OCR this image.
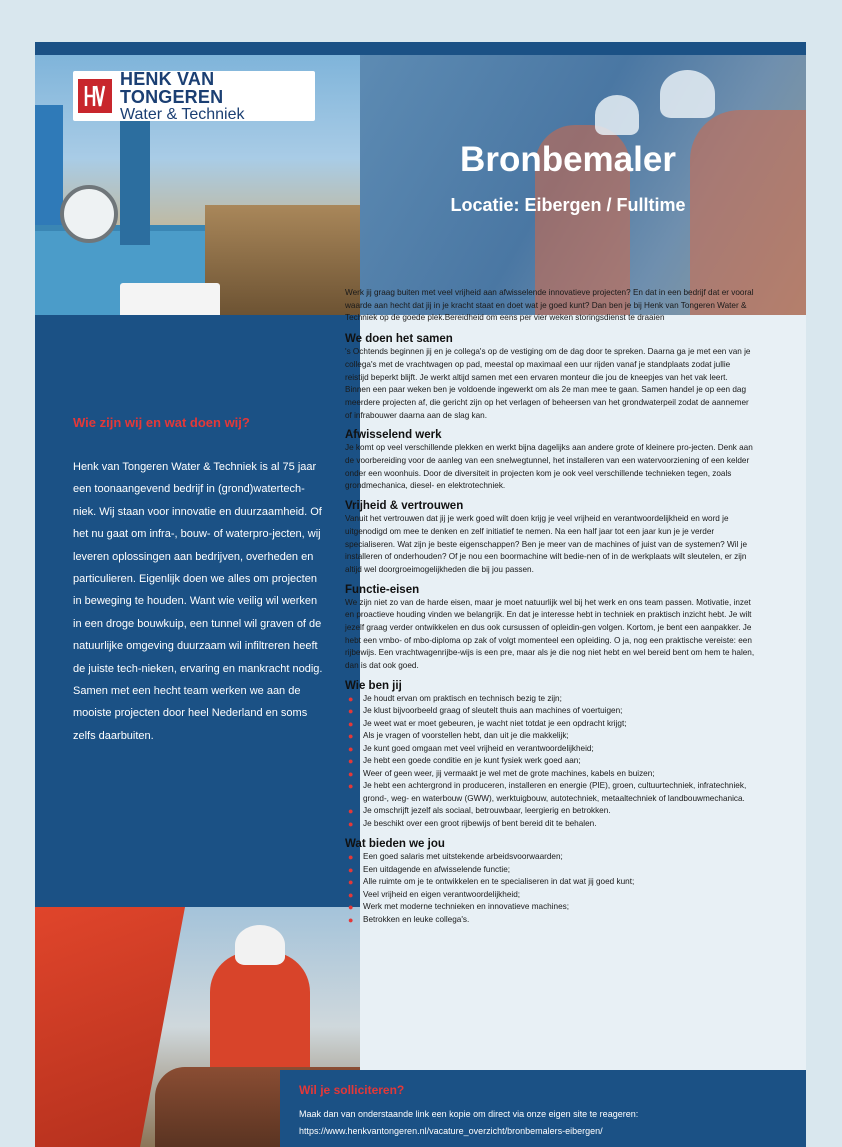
HENK VAN TONGEREN
Water & Techniek
Wie zijn wij en wat doen wij?
Henk van Tongeren Water & Techniek is al 75 jaar een toonaangevend bedrijf in (grond)watertech-niek. Wij staan voor innovatie en duurzaamheid. Of het nu gaat om infra-, bouw- of waterpro-jecten, wij leveren oplossingen aan bedrijven, overheden en particulieren. Eigenlijk doen we alles om projecten in beweging te houden. Want wie veilig wil werken in een droge bouwkuip, een tunnel wil graven of de natuurlijke omgeving duurzaam wil infiltreren heeft de juiste tech-nieken, ervaring en mankracht nodig. Samen met een hecht team werken we aan de mooiste projecten door heel Nederland en soms zelfs daarbuiten.
Wil je solliciteren?
Maak dan van onderstaande link een kopie om direct via onze eigen site te reageren:
https://www.henkvantongeren.nl/vacature_overzicht/bronbemalers-eibergen/
Bronbemaler
Locatie: Eibergen / Fulltime

Werk jij graag buiten met veel vrijheid aan afwisselende innovatieve projecten? En dat in een bedrijf dat er vooral waarde aan hecht dat jij in je kracht staat en doet wat je goed kunt? Dan ben je bij Henk van Tongeren Water & Techniek op de goede plek.Bereidheid om eens per vier weken storingsdienst te draaien

We doen het samen

's Ochtends beginnen jij en je collega's op de vestiging om de dag door te spreken. Daarna ga je met een van je collega's met de vrachtwagen op pad, meestal op maximaal een uur rijden vanaf je standplaats zodat jullie reistijd beperkt blijft. Je werkt altijd samen met een ervaren monteur die jou de kneepjes van het vak leert. Binnen een paar weken ben je voldoende ingewerkt om als 2e man mee te gaan. Samen handel je op een dag meerdere projecten af, die gericht zijn op het verlagen of beheersen van het grondwaterpeil zodat de aannemer of infrabouwer daarna aan de slag kan.

Afwisselend werk

Je komt op veel verschillende plekken en werkt bijna dagelijks aan andere grote of kleinere pro-jecten. Denk aan de voorbereiding voor de aanleg van een snelwegtunnel, het installeren van een watervoorziening of een kelder onder een woonhuis. Door de diversiteit in projecten kom je ook veel verschillende technieken tegen, zoals grondmechanica, diesel- en elektrotechniek.

Vrijheid & vertrouwen

Vanuit het vertrouwen dat jij je werk goed wilt doen krijg je veel vrijheid en verantwoordelijkheid en word je uitgenodigd om mee te denken en zelf initiatief te nemen. Na een half jaar tot een jaar kun je je verder specialiseren. Wat zijn je beste eigenschappen? Ben je meer van de machines of juist van de systemen? Wil je installeren of onderhouden? Of je nou een boormachine wilt bedie-nen of in de werkplaats wilt sleutelen, er zijn altijd wel doorgroeimogelijkheden die bij jou passen.

Functie-eisen

We zijn niet zo van de harde eisen, maar je moet natuurlijk wel bij het werk en ons team passen. Motivatie, inzet en proactieve houding vinden we belangrijk. En dat je interesse hebt in techniek en praktisch inzicht hebt. Je wilt jezelf graag verder ontwikkelen en dus ook cursussen of opleidin-gen volgen. Kortom, je bent een aanpakker. Je hebt een vmbo- of mbo-diploma op zak of volgt momenteel een opleiding. O ja, nog een praktische vereiste: een rijbewijs. Een vrachtwagenrijbe-wijs is een pre, maar als je die nog niet hebt en wel bereid bent om hem te halen, dan is dat ook goed.

Wie ben jij
● Je houdt ervan om praktisch en technisch bezig te zijn;
● Je klust bijvoorbeeld graag of sleutelt thuis aan machines of voertuigen;
● Je weet wat er moet gebeuren, je wacht niet totdat je een opdracht krijgt;
● Als je vragen of voorstellen hebt, dan uit je die makkelijk;
● Je kunt goed omgaan met veel vrijheid en verantwoordelijkheid;
● Je hebt een goede conditie en je kunt fysiek werk goed aan;
● Weer of geen weer, jij vermaakt je wel met de grote machines, kabels en buizen;
● Je hebt een achtergrond in produceren, installeren en energie (PIE), groen, cultuurtechniek, infratechniek, grond-, weg- en waterbouw (GWW), werktuigbouw, autotechniek, metaaltechniek of landbouwmechanica.
● Je omschrijft jezelf als sociaal, betrouwbaar, leergierig en betrokken.
● Je beschikt over een groot rijbewijs of bent bereid dit te behalen.
Wat bieden we jou
● Een goed salaris met uitstekende arbeidsvoorwaarden;
● Een uitdagende en afwisselende functie;
● Alle ruimte om je te ontwikkelen en te specialiseren in dat wat jij goed kunt;
● Veel vrijheid en eigen verantwoordelijkheid;
● Werk met moderne technieken en innovatieve machines;
● Betrokken en leuke collega's.
